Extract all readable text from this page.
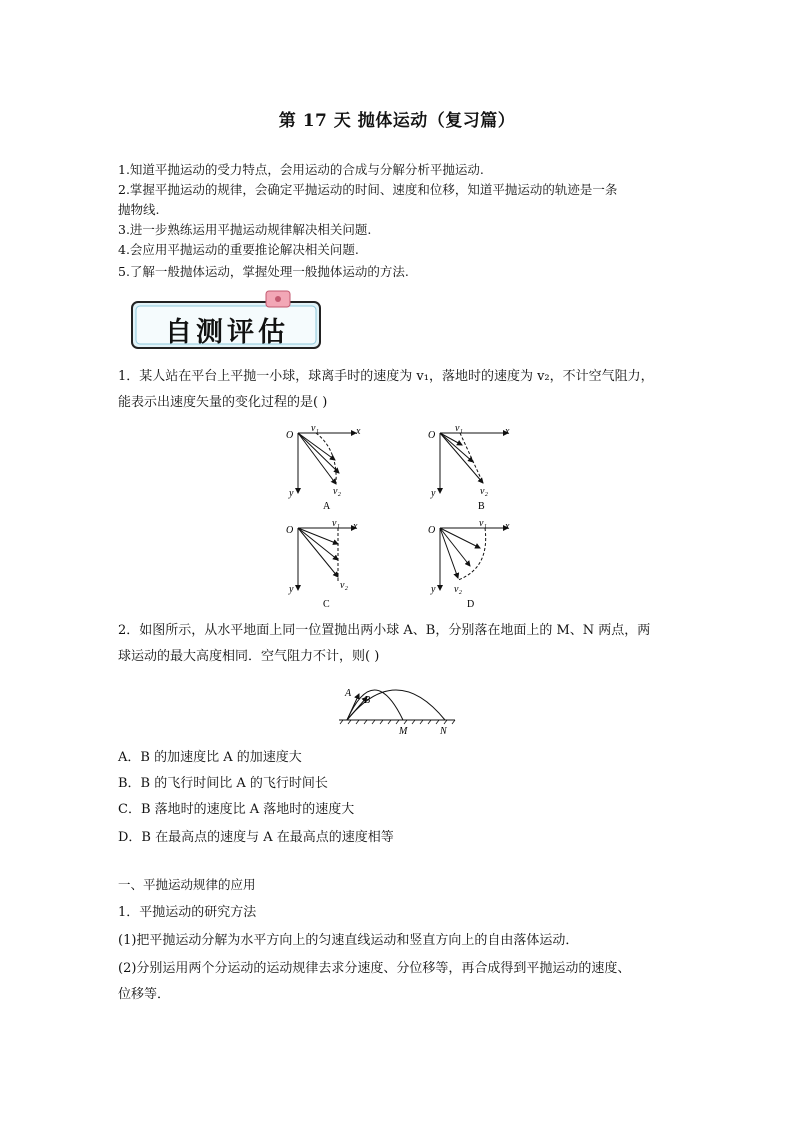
第 17 天 抛体运动（复习篇）
1.知道平抛运动的受力特点，会用运动的合成与分解分析平抛运动.
2.掌握平抛运动的规律，会确定平抛运动的时间、速度和位移，知道平抛运动的轨迹是一条
抛物线.
3.进一步熟练运用平抛运动规律解决相关问题.
4.会应用平抛运动的重要推论解决相关问题.
5.了解一般抛体运动，掌握处理一般抛体运动的方法.
自测评估
1．某人站在平台上平抛一小球，球离手时的速度为 v₁，落地时的速度为 v₂，不计空气阻力，
能表示出速度矢量的变化过程的是( )
O	x
y
v₁
v₂
A
O	x
y
v₁
v₂
B
O	x
y
v₁
v₂
C
O	x
y
v₁
v₂
D
2．如图所示，从水平地面上同一位置抛出两小球 A、B，分别落在地面上的 M、N 两点，两
球运动的最大高度相同．空气阻力不计，则( )
A
B
M	N
A．B 的加速度比 A 的加速度大
B．B 的飞行时间比 A 的飞行时间长
C．B 落地时的速度比 A 落地时的速度大
D．B 在最高点的速度与 A 在最高点的速度相等
一、平抛运动规律的应用
1．平抛运动的研究方法
(1)把平抛运动分解为水平方向上的匀速直线运动和竖直方向上的自由落体运动．
(2)分别运用两个分运动的运动规律去求分速度、分位移等，再合成得到平抛运动的速度、
位移等．
